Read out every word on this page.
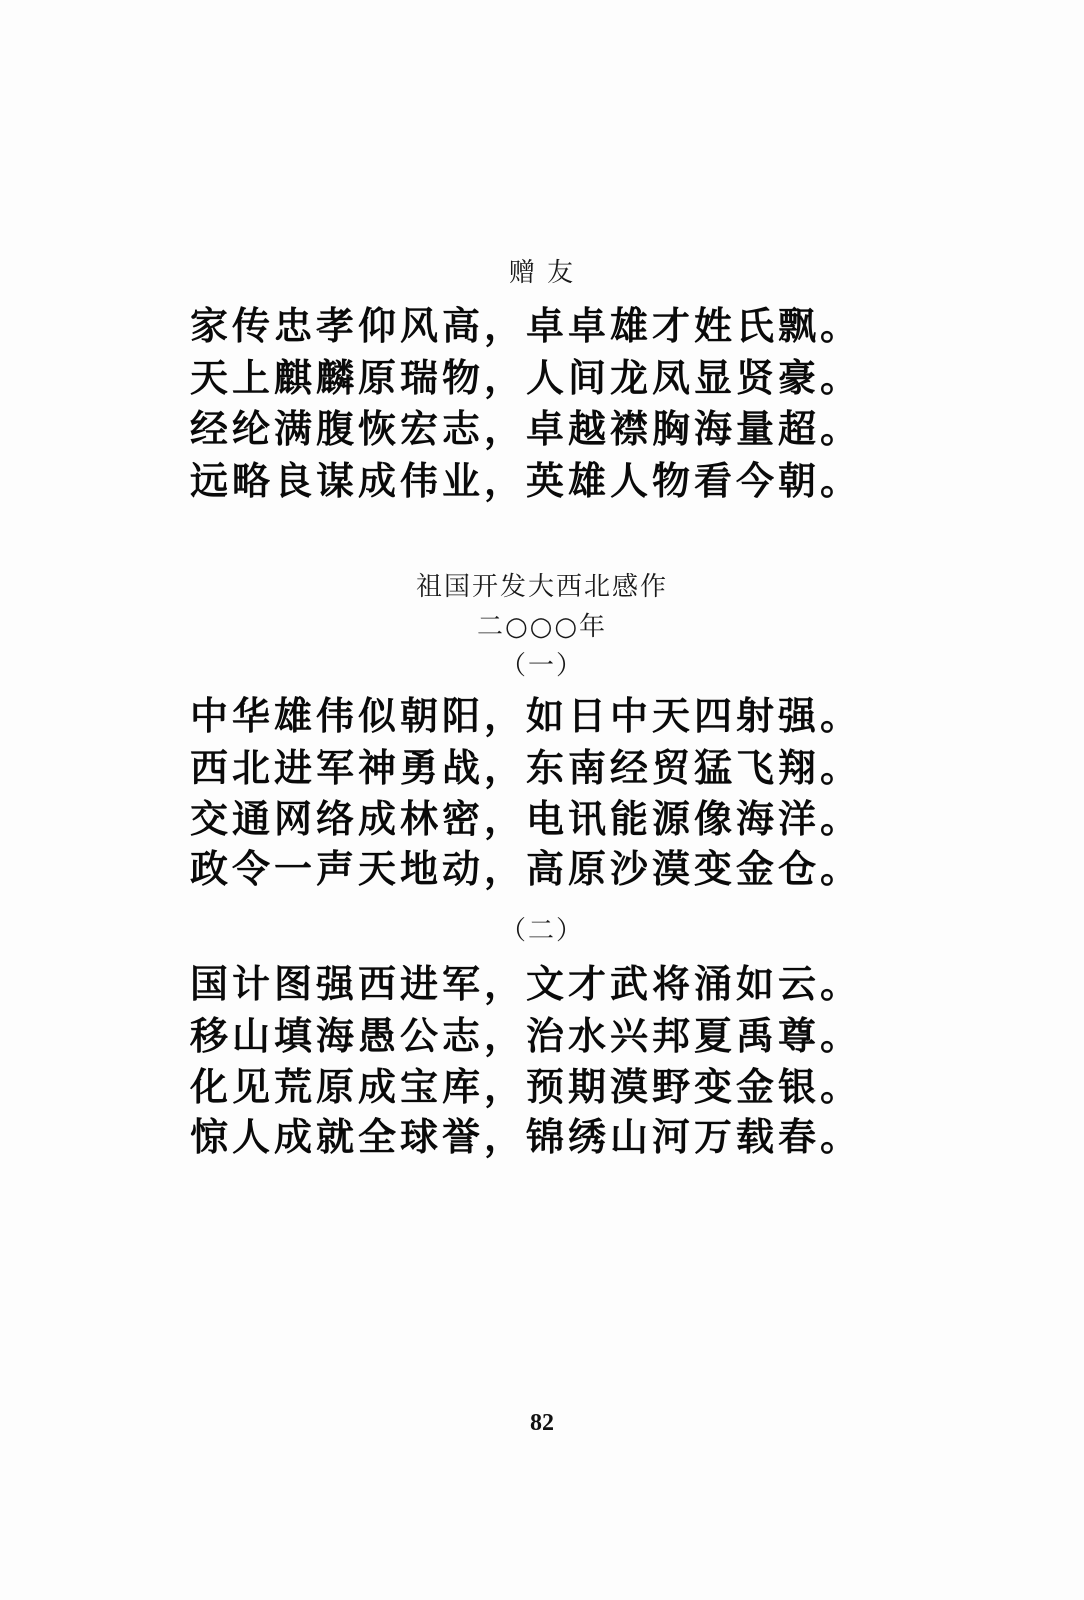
赠 友
家传忠孝仰风高，卓卓雄才姓氏飘。
天上麒麟原瑞物，人间龙凤显贤豪。
经纶满腹恢宏志，卓越襟胸海量超。
远略良谋成伟业，英雄人物看今朝。
祖国开发大西北感作
二○○○年
（一）
中华雄伟似朝阳，如日中天四射强。
西北进军神勇战，东南经贸猛飞翔。
交通网络成林密，电讯能源像海洋。
政令一声天地动，高原沙漠变金仓。
（二）
国计图强西进军，文才武将涌如云。
移山填海愚公志，治水兴邦夏禹尊。
化见荒原成宝库，预期漠野变金银。
惊人成就全球誉，锦绣山河万载春。
82
